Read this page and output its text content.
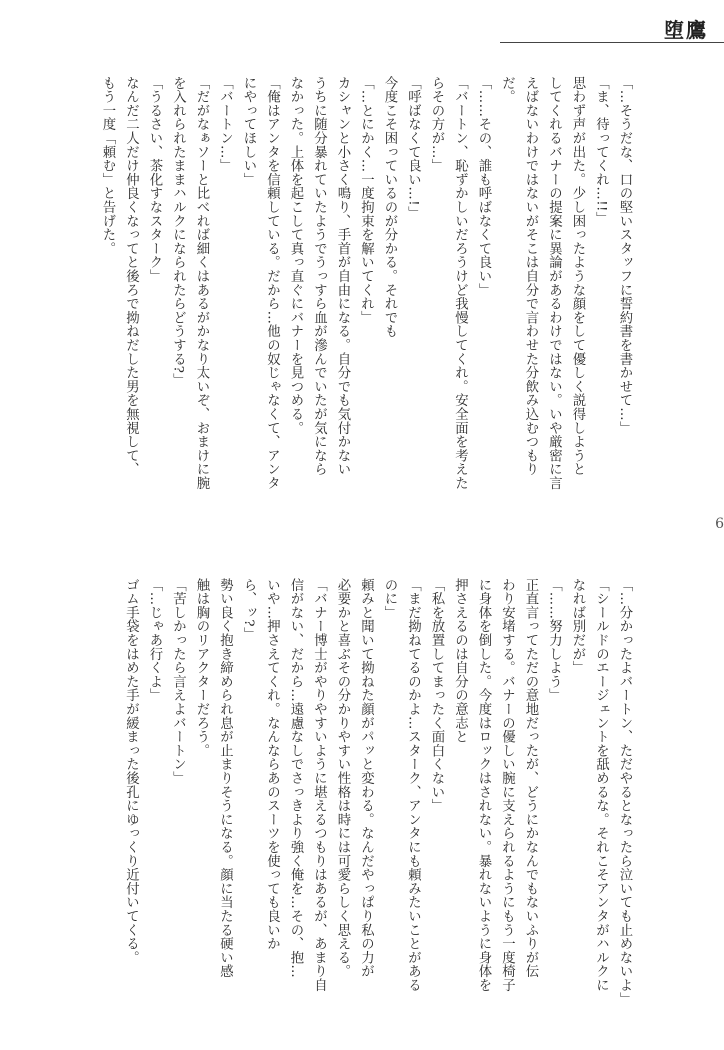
堕鷹
6
「…そうだな、口の堅いスタッフに誓約書を書かせて…」
「ま、待ってくれ…!!」
思わず声が出た。少し困ったような顔をして優しく説得しようと
してくれるバナーの提案に異論があるわけではない。いや厳密に言
えばないわけではないがそこは自分で言わせた分飲み込むつもり
だ。
「……その、誰も呼ばなくて良い」
「バートン、恥ずかしいだろうけど我慢してくれ。安全面を考えた
らその方が…」
「呼ばなくて良い…!」
今度こそ困っているのが分かる。それでも
「…とにかく…一度拘束を解いてくれ」
カシャンと小さく鳴り、手首が自由になる。自分でも気付かない
うちに随分暴れていたようでうっすら血が滲んでいたが気になら
なかった。上体を起こして真っ直ぐにバナーを見つめる。
「俺はアンタを信頼している。だから…他の奴じゃなくて、アンタ
にやってほしい」
「バートン…」
「だがなぁソーと比べれば細くはあるがかなり太いぞ、おまけに腕
を入れられたままハルクになられたらどうする?」
「うるさい、茶化すなスターク」
なんだ二人だけ仲良くなってと後ろで拗ねだした男を無視して、
もう一度「頼む」と告げた。
「…分かったよバートン、ただやるとなったら泣いても止めないよ」
「シールドのエージェントを舐めるな。それこそアンタがハルクに
なれば別だが」
「……努力しよう」
正直言ってただの意地だったが、どうにかなんでもないふりが伝
わり安堵する。バナーの優しい腕に支えられるようにもう一度椅子
に身体を倒した。今度はロックはされない。暴れないように身体を
押さえるのは自分の意志と
「私を放置してまったく面白くない」
「まだ拗ねてるのかよ…スターク、アンタにも頼みたいことがある
のに」
頼みと聞いて拗ねた顔がパッと変わる。なんだやっぱり私の力が
必要かと喜ぶその分かりやすい性格は時には可愛らしく思える。
「バナー博士がやりやすいように堪えるつもりはあるが、あまり自
信がない、だから…遠慮なしでさっきより強く俺を…その、抱…
いや…押さえてくれ。なんならあのスーツを使っても良いか
ら、ッ?」
勢い良く抱き締められ息が止まりそうになる。顔に当たる硬い感
触は胸のリアクターだろう。
「苦しかったら言えよバートン」
「…じゃあ行くよ」
ゴム手袋をはめた手が緩まった後孔にゆっくり近付いてくる。
